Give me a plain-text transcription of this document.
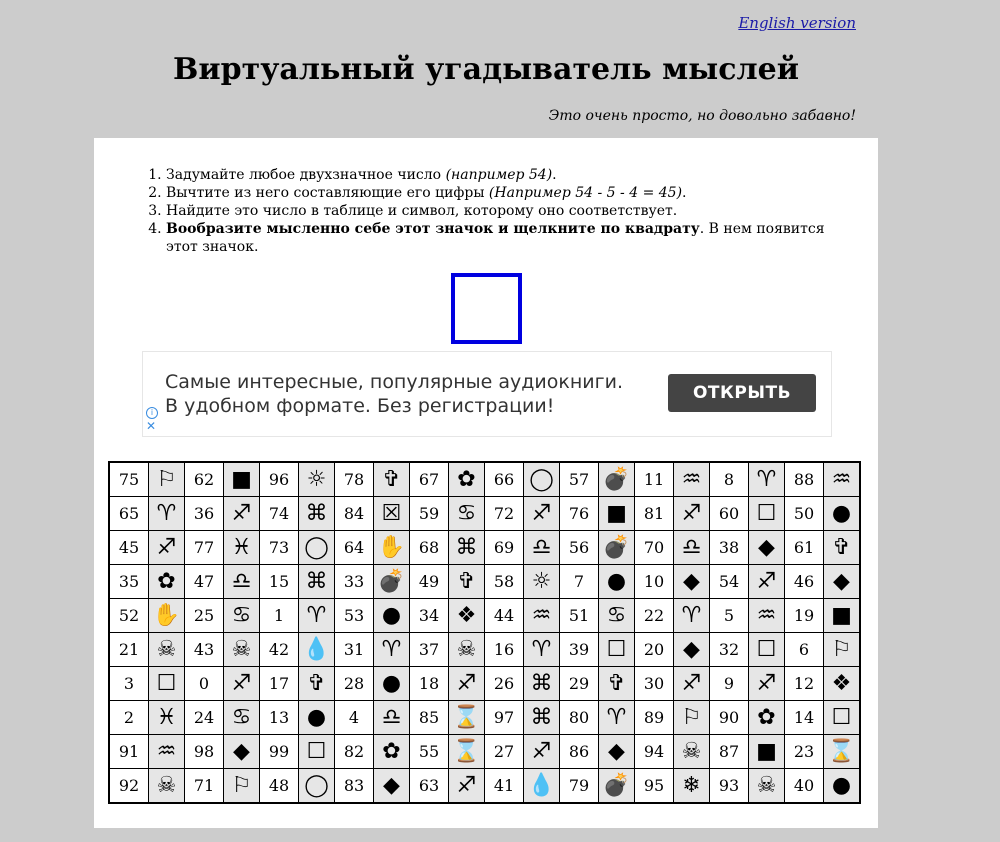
English version
Виртуальный угадыватель мыслей
Это очень просто, но довольно забавно!
1. Задумайте любое двухзначное число (например 54).
2. Вычтите из него составляющие его цифры (Например 54 - 5 - 4 = 45).
3. Найдите это число в таблице и символ, которому оно соответствует.
4. Вообразите мысленно себе этот значок и щелкните по квадрату. В нем появится этот значок.
Самые интересные, популярные аудиокниги.
В удобном формате. Без регистрации!
ОТКРЫТЬ
i
✕
75	⚐	62	■	96	☼	78	✞	67	✿	66	◯	57	💣	11	♒	8	♈	88	♒
65	♈	36	♐	74	⌘	84	☒	59	♋	72	♐	76	■	81	♐	60	☐	50	●
45	♐	77	♓	73	◯	64	✋	68	⌘	69	♎	56	💣	70	♎	38	◆	61	✞
35	✿	47	♎	15	⌘	33	💣	49	✞	58	☼	7	●	10	◆	54	♐	46	◆
52	✋	25	♋	1	♈	53	●	34	❖	44	♒	51	♋	22	♈	5	♒	19	■
21	☠	43	☠	42	💧	31	♈	37	☠	16	♈	39	☐	20	◆	32	☐	6	⚐
3	☐	0	♐	17	✞	28	●	18	♐	26	⌘	29	✞	30	♐	9	♐	12	❖
2	♓	24	♋	13	●	4	♎	85	⌛	97	⌘	80	♈	89	⚐	90	✿	14	☐
91	♒	98	◆	99	☐	82	✿	55	⌛	27	♐	86	◆	94	☠	87	■	23	⌛
92	☠	71	⚐	48	◯	83	◆	63	♐	41	💧	79	💣	95	❄	93	☠	40	●
